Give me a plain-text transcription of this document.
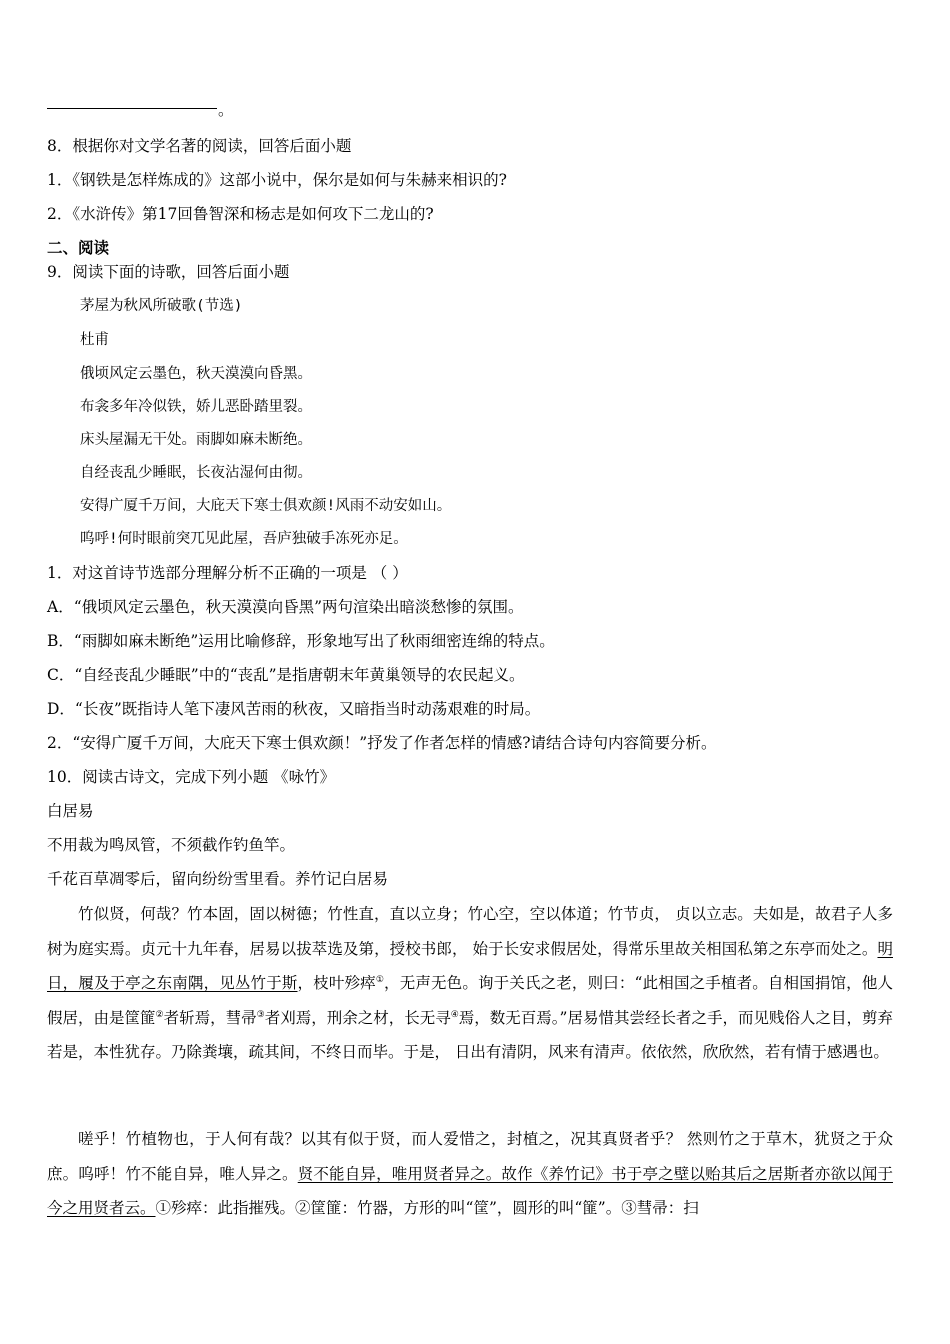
。
8．根据你对文学名著的阅读，回答后面小题
1．《钢铁是怎样炼成的》这部小说中，保尔是如何与朱赫来相识的?
2．《水浒传》第17回鲁智深和杨志是如何攻下二龙山的?
二、阅读
9．阅读下面的诗歌，回答后面小题
茅屋为秋风所破歌(节选)
杜甫
俄顷风定云墨色，秋天漠漠向昏黑。
布衾多年冷似铁，娇儿恶卧踏里裂。
床头屋漏无干处。雨脚如麻未断绝。
自经丧乱少睡眠，长夜沾湿何由彻。
安得广厦千万间，大庇天下寒士俱欢颜!风雨不动安如山。
呜呼!何时眼前突兀见此屋，吾庐独破手冻死亦足。
1．对这首诗节选部分理解分析不正确的一项是 （ ）
A．“俄顷风定云墨色，秋天漠漠向昏黑”两句渲染出暗淡愁惨的氛围。
B．“雨脚如麻未断绝”运用比喻修辞，形象地写出了秋雨细密连绵的特点。
C．“自经丧乱少睡眠”中的“丧乱”是指唐朝末年黄巢领导的农民起义。
D．“长夜”既指诗人笔下凄风苦雨的秋夜，又暗指当时动荡艰难的时局。
2．“安得广厦千万间，大庇天下寒士俱欢颜！”抒发了作者怎样的情感?请结合诗句内容简要分析。
10．阅读古诗文，完成下列小题 《咏竹》
白居易
不用裁为鸣凤管，不须截作钓鱼竿。
千花百草凋零后，留向纷纷雪里看。养竹记白居易
竹似贤，何哉？竹本固，固以树德；竹性直，直以立身；竹心空，空以体道；竹节贞， 贞以立志。夫如是，故君子人多树为庭实焉。贞元十九年春，居易以拔萃选及第，授校书郎， 始于长安求假居处，得常乐里故关相国私第之东亭而处之。明日，履及于亭之东南隅，见丛竹于斯，枝叶殄瘁①，无声无色。询于关氏之老，则曰：“此相国之手植者。自相国捐馆，他人假居，由是筐篚②者斩焉，彗帚③者刈焉，刑余之材，长无寻④焉，数无百焉。”居易惜其尝经长者之手，而见贱俗人之目，剪弃若是，本性犹存。乃除粪壤，疏其间，不终日而毕。于是， 日出有清阴，风来有清声。依依然，欣欣然，若有情于感遇也。
嗟乎！竹植物也，于人何有哉？以其有似于贤，而人爱惜之，封植之，况其真贤者乎？ 然则竹之于草木，犹贤之于众庶。呜呼！竹不能自异，唯人异之。贤不能自异，唯用贤者异之。故作《养竹记》书于亭之壁以贻其后之居斯者亦欲以闻于今之用贤者云。①殄瘁：此指摧残。②筐篚：竹器，方形的叫“筐”，圆形的叫“篚”。③彗帚：扫
